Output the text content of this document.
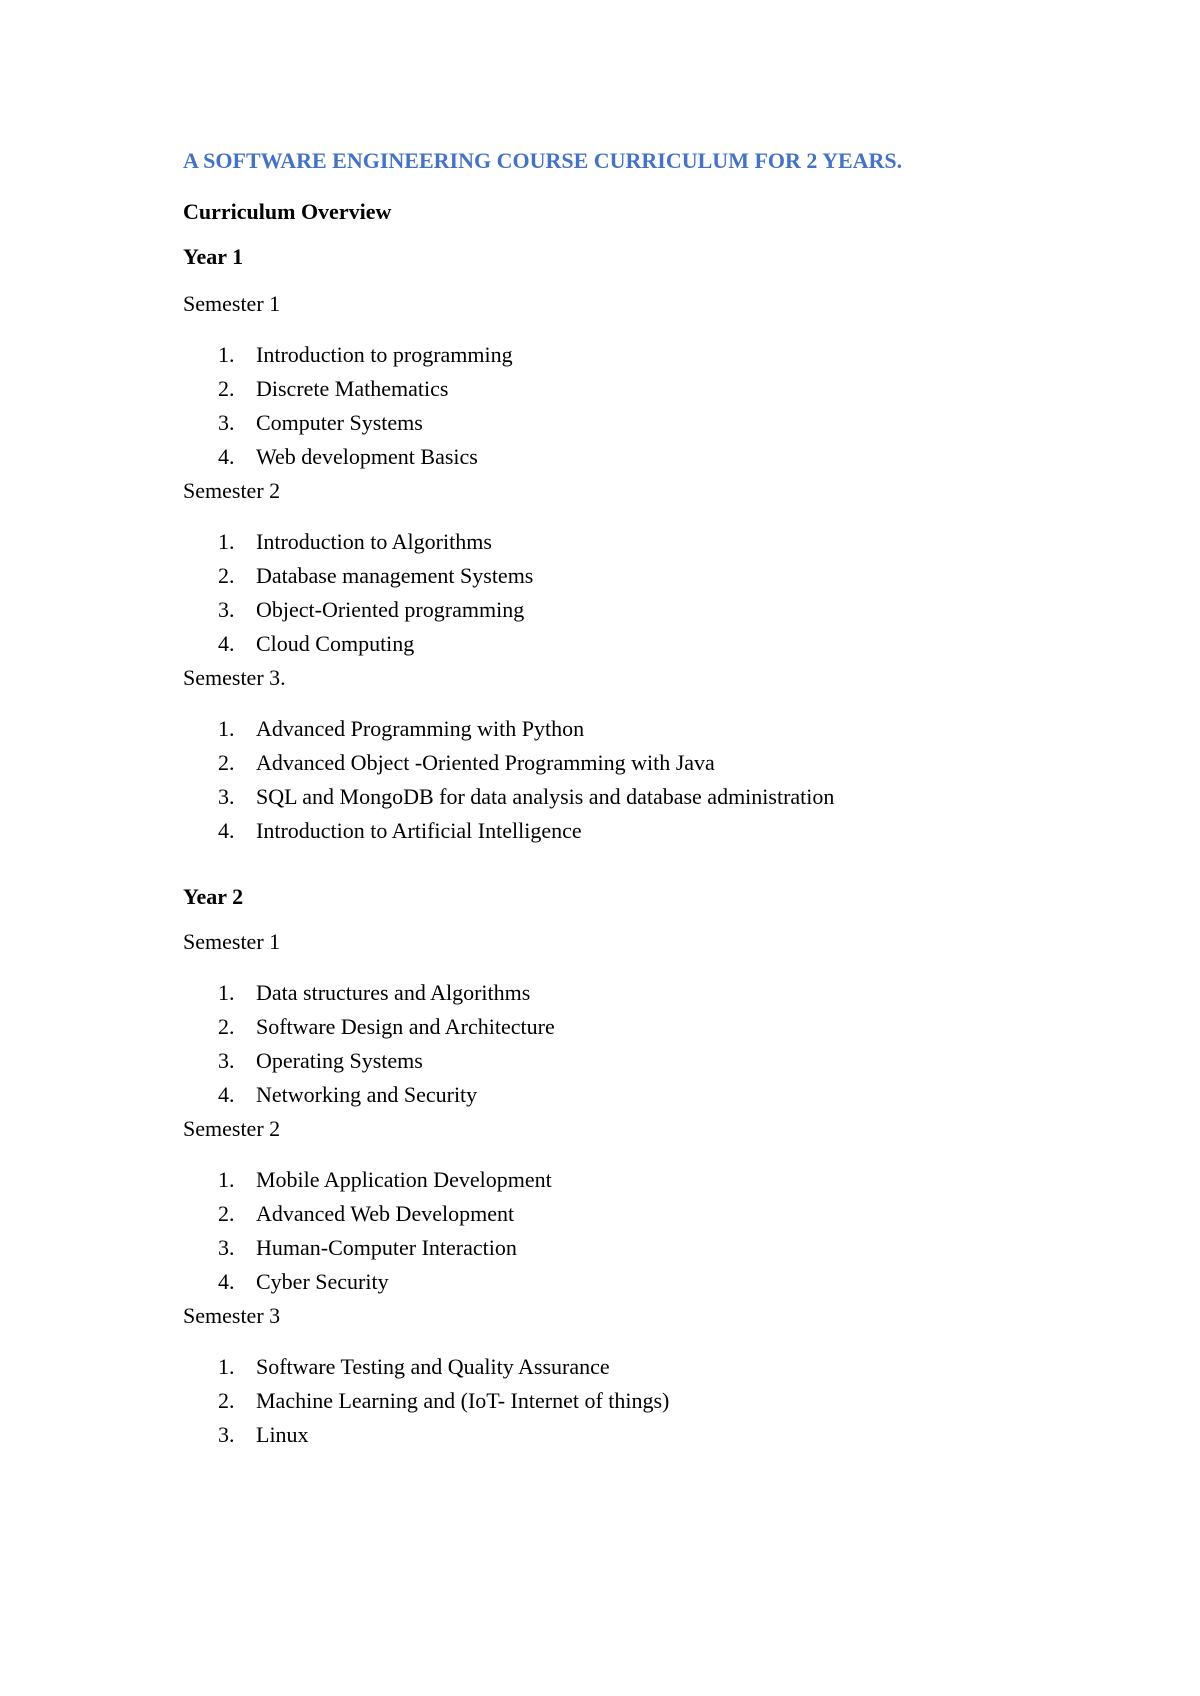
A SOFTWARE ENGINEERING COURSE CURRICULUM FOR 2 YEARS.
Curriculum Overview
Year 1
Semester 1
1. Introduction to programming
2. Discrete Mathematics
3. Computer Systems
4. Web development Basics
Semester 2
1. Introduction to Algorithms
2. Database management Systems
3. Object-Oriented programming
4. Cloud Computing
Semester 3.
1. Advanced Programming with Python
2. Advanced Object -Oriented Programming with Java
3. SQL and MongoDB for data analysis and database administration
4. Introduction to Artificial Intelligence
Year 2
Semester 1
1. Data structures and Algorithms
2. Software Design and Architecture
3. Operating Systems
4. Networking and Security
Semester 2
1. Mobile Application Development
2. Advanced Web Development
3. Human-Computer Interaction
4. Cyber Security
Semester 3
1. Software Testing and Quality Assurance
2. Machine Learning and (IoT- Internet of things)
3. Linux
